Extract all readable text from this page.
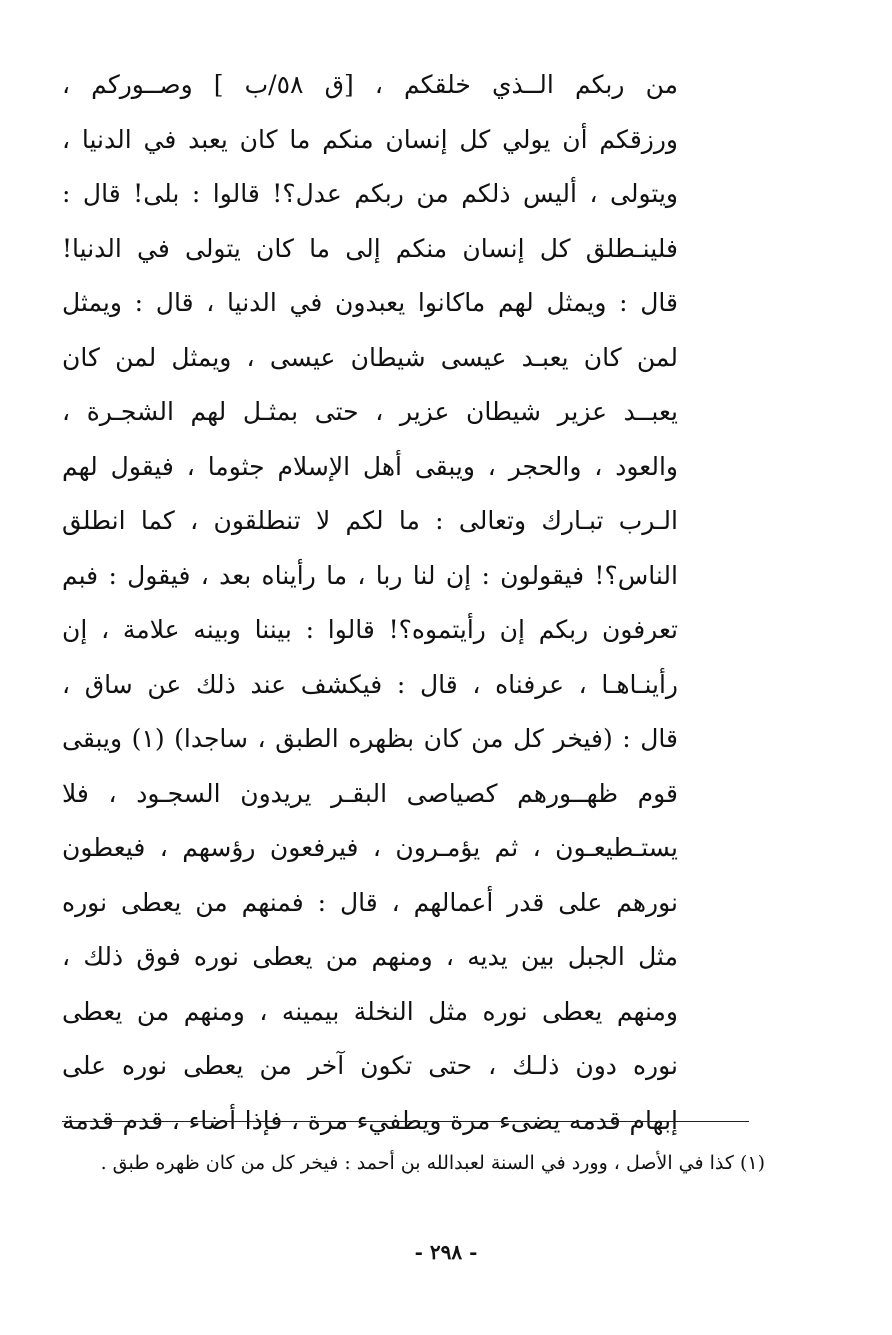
من ربكم الــذي خلقكم ، [ق ٥٨/ب ] وصــوركم ،
ورزقكم أن يولي كل إنسان منكم ما كان يعبد في الدنيا ،
ويتولى ، أليس ذلكم من ربكم عدل؟! قالوا : بلى! قال :
فلينـطلق كل إنسان منكم إلى ما كان يتولى في الدنيا!
قال : ويمثل لهم ماكانوا يعبدون في الدنيا ، قال : ويمثل
لمن كان يعبـد عيسى شيطان عيسى ، ويمثل لمن كان
يعبــد عزير شيطان عزير ، حتى بمثـل لهم الشجـرة ،
والعود ، والحجر ، ويبقى أهل الإسلام جثوما ، فيقول لهم
الـرب تبـارك وتعالى : ما لكم لا تنطلقون ، كما انطلق
الناس؟! فيقولون : إن لنا ربا ، ما رأيناه بعد ، فيقول : فبم
تعرفون ربكم إن رأيتموه؟! قالوا : بيننا وبينه علامة ، إن
رأينـاهـا ، عرفناه ، قال : فيكشف عند ذلك عن ساق ،
قال : (فيخر كل من كان بظهره الطبق ، ساجدا) (١) ويبقى
قوم ظهــورهم كصياصى البقـر يريدون السجـود ، فلا
يستـطيعـون ، ثم يؤمـرون ، فيرفعون رؤسهم ، فيعطون
نورهم على قدر أعمالهم ، قال : فمنهم من يعطى نوره
مثل الجبل بين يديه ، ومنهم من يعطى نوره فوق ذلك ،
ومنهم يعطى نوره مثل النخلة بيمينه ، ومنهم من يعطى
نوره دون ذلـك ، حتى تكون آخر من يعطى نوره على
إبهام قدمه يضىء مرة ويطفيء مرة ، فإذا أضاء ، قدم قدمة
(١) كذا في الأصل ، وورد في السنة لعبدالله بن أحمد : فيخر كل من كان ظهره طبق .
- ٢٩٨ -
